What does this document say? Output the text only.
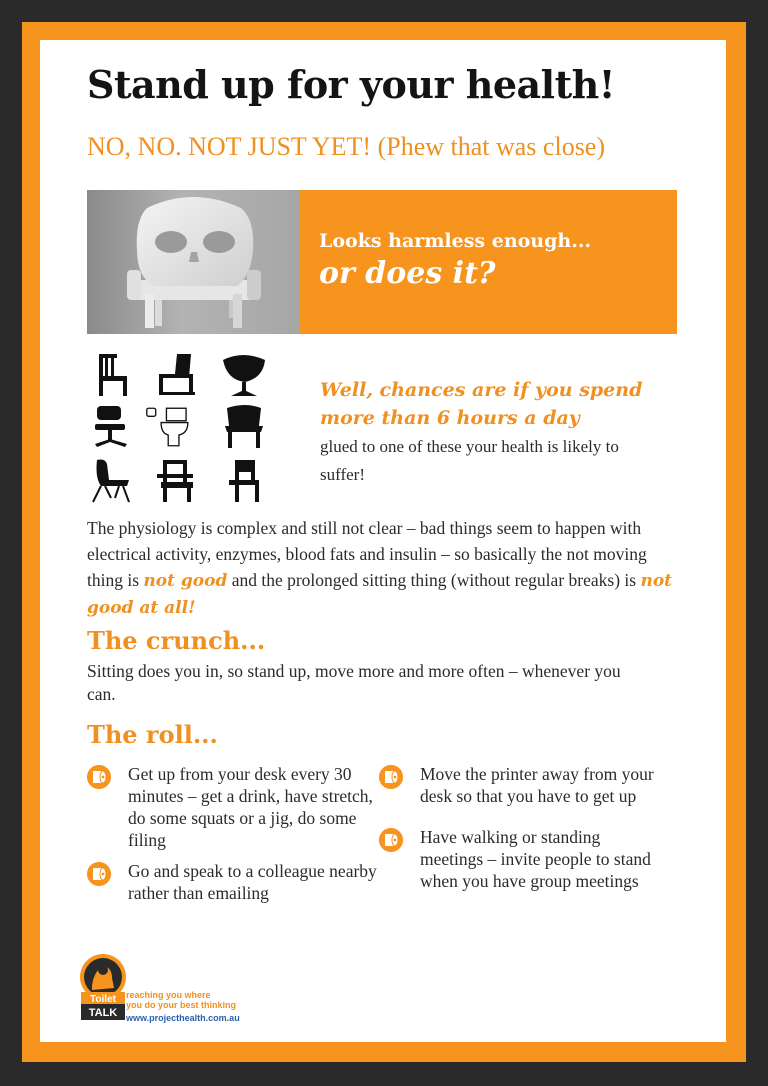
Stand up for your health!

NO, NO. NOT JUST YET! (Phew that was close)

Looks harmless enough...
or does it?

Well, chances are if you spend
more than 6 hours a day

glued to one of these your health is likely to suffer!

The physiology is complex and still not clear – bad things seem to happen with electrical activity, enzymes, blood fats and insulin – so basically the not moving thing is not good and the prolonged sitting thing (without regular breaks) is not good at all!

The crunch...

Sitting does you in, so stand up, move more and more often – whenever you can.

The roll...

Get up from your desk every 30 minutes – get a drink, have stretch, do some squats or a jig, do some filing

Go and speak to a colleague nearby rather than emailing

Move the printer away from your desk so that you have to get up

Have walking or standing meetings – invite people to stand when you have group meetings

Toilet
TALK

reaching you where
you do your best thinking

www.projecthealth.com.au
